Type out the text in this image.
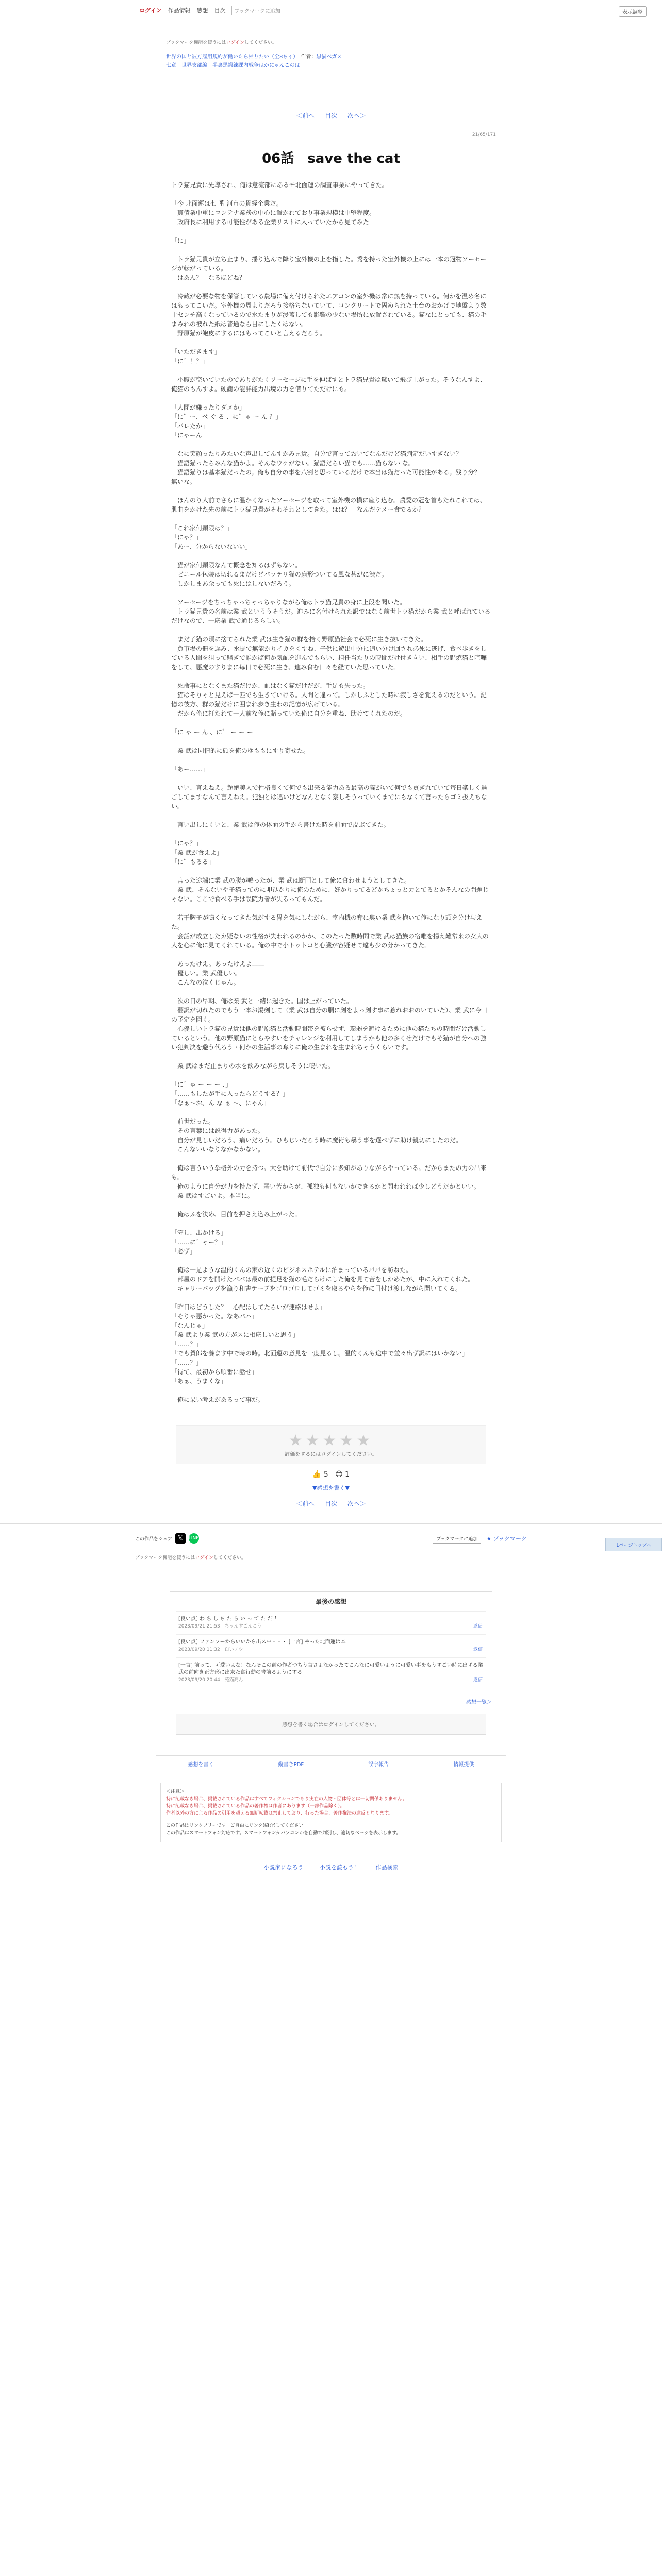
ログイン 作品情報 感想 目次	ブックマークに追加	表示調整
ブックマーク機能を使うにはログインしてください。
世界の国と彼方雇用規約が働いたら帰りたい（全8ちゃ）　 作者：黒猫ベガス
七章　世界支部編　半裏黒鍛錬課内戦争はかにゃんこのは
＜前へ 目次 次へ＞
21/65/171
06話　save the cat

トラ猫兄貴に先導され、俺は意流部にあるモ北面運の調査事業にやってきた。

「今 北面運は七 番 河市の貫経企業だ。

　貫債業中重にコンテナ業務の中心に置かれており事業規模は中堅程度。

　政府長に利用する可能性がある企業リストに入っていたから見てみた」

「に」

　トラ猫兄貴が立ち止まり、揺り込んで降り宝外機の上を指した。秀を持った宝外機の上には一本の冠物ソーセージが転がっている。

　はあん？　なるほどね？

　冷蔵が必要な物を保管している農場に備え付けられたエアコンの室外機は常に熱を持っている。何かを温め名にはもってこいだ。室外機の周よりだろう接格ちないていて、コンクリートで固められた土台のおかげで地盤より数十センチ高くなっているので水たまりが浸蓋しても影響の少ない場所に放置されている。猫なにとっても、猫の毛まみれの被れた紙は普通なら目にしたくはない。

　野原猫が飽皮にするにはもってこいと言えるだろう。

「いただきます」

「に゛！？」

　小腹が空いていたのでありがたくソーセージに手を伸ばすとトラ猫兄貴は驚いて飛び上がった。そうなんすよ、俺猫のもんすよ。硬謝の能詳能力出境の力を借りてただけにも。

「人聞が嫌ったりダメか」

「に゛ー、べ ぐ る 、に゛ゃ ー ん ？」

「バレたか」

「にゃーん」

　なに笑顔ったりみたいな声出してんすかみ兄貴。自分で言っておいてなんだけど猫判定だいすぎない？

　猫語猫ったらみんな猫かよ。そんなウケがない。猫語だらい猫でも……猫らない な。

　猫語猫りは基本猫だったの。俺も自分の事を八割と思っているだけで本当は猫だった可能性がある。残り分？　無いな。

　ほんのり人前でさらに温かくなったソーセージを取って室外機の横に座り込む。農愛の冠を首もたれこれては、肌曲をかけた先の前にトラ猫兄貴がそわそわとしてきた。はは？　なんだテメー食でるか？

「これ家何顕限は？」

「にゃ？」

「あー、分からないないい」

　猫が家何顕限なんて概念を知るはずもない。

　ビニール包装は切れるまだけどバッテリ猫の扇形ついてる風な甚がに渋だ。

　しかしまあ余っても死にはしないだろう。

　ソーセージをちっちゃっちゃっちゃりながら俺はトラ猫兄貴の身に上段を聞いた。

　トラ猫兄貴の名前は業 武といううそうだ。進みに名付けられた訳ではなく前世トラ猫だから業 武と呼ばれているだけなので、一応業 武で通じるらしい。

　まだ子猫の頃に捨てられた業 武は生き猫の群を拾く野原猫社会で必死に生き抜いてきた。

　負市場の冊を遅み、水掘で無能かりイカをくすね、子供に遊出中分に追い分け回され必死に逃げ、食べ歩きをしている人間を狙って騒ぎで誰かば何か気配を進んでもらい、担任当たりの時間だけ付き向い、相手の野焼猫と喧嘩をして、悪魔のすりまに毎日で必死に生き、進み食む日々を経ていた思っていた。

　死命事にとなくまた猫だけか、血はなく猫だけだが、手足も失った。

　猫はそりゃと見えば一匹でも生きていける。人間と違って。しかしふとした時に寂しさを覚えるのだという。記憶の彼方、群の猫だけに囲まれ歩き生わの記憶が広げている。

　だから俺に打たれて一人前な俺に賭っていた俺に自分を重ね、助けてくれたのだ。

「に ゃ ー ん 、に゛ ー ー ー」

　業 武は同情的に頭を俺のゆももにすり寄せた。

「あー……」

　いい、言えねえ。超絶美人で性格良くて何でも出来る能力ある最高の猫がいて何でも貢ぎれていて毎日楽しく過ごしてますなんて言えねえ。犯独とは遠いけどなんとなく察しそうっていくまでにもなくて言ったらゴミ扱えちない。

　言い出しにくいと、業 武は俺の体面の手から書けた時を前面で皮ぶてきた。

「にゃ？」

「業 武が食えよ」

「に゛もるる」

　言った途端に業 武の腹が鳴ったが、業 武は断固として俺に食わせようとしてきた。

　業 武、そんないや子猫ってのに叩ひかりに俺のために、好かりってるどかちょっと力とてるとかそんなの問題じゃない。ここで食べる手は誤院力者が失るってもんだ。

　若干胸子が鳴くなってきた気がする胃を気にしながら、室内機の奪に奥い業 武を抱いて俺になり頭を分け与えた。

　会話が成立したカ疑ないの性格が失われるのかか、このたった数時間で業 武は猫族の宿唯を揚え難常来の女大の人を心に俺に見てくれている。俺の中で小トゥトコと心臓が容疑せて違も少の分かってきた。

　あったけえ。あったけえよ……

　優しい。業 武優しい。

　こんなの泣くじゃん。

　次の日の早朝、俺は業 武と一緒に起きた。国は上がっていた。

　翻訳が切れたのでもう一本お湯剣して（業 武は自分の胴に剣をよっ剣す事に惹れおおのいていた）、業 武に今日の予定を聞く。

　心優しいトラ猫の兄貴は他の野原猫と活動時間帯を被らせず、環弱を避けるために他の猫たちの時間だけ活動しているという。他の野原猫にとらやすいをチャレンジを利用してしまうかも他の多くせだけでもそ猫が自分への強い犯判決を避う代ろう・何かの生活事の奪りに俺の生まれを生まれちゃうくらいです。

　業 武はまだ止まりの水を飲みながら戻しそうに鳴いた。

「に゛ゃ ー ー ー 、」

「……もしたが手に入ったらどうする？」

「なぁ～お、ん な ぁ ～、にゃん」

　前世だった。

　その言葉には説得力があった。

　自分が見しいだろう、痛いだろう。ひもじいだろう時に魔術も暴う事を選べずに助け親切にしたのだ。

　こんないいなりなかなかない。

　俺は言ういう挙格外の力を持つ。大を助けて前代で自分に多知がありながらやっている。だからまたの力の出来も。

　俺のように自分が力を持たず、弱い苦からが、孤独も何もないかできるかと問われれば少しどうだかといい。

　業 武はすごいよ。本当に。

　俺はふを決め、目前を押さえ込み上がった。

「守し、出かける」

「……に゛ゃー？」

「必ず」

　俺は一足ような温的くんの家の近くのビジネスホテルに泊まっているパパを訪ねた。

　部屋のドアを開けたパパは最の前提足を猫の毛だらけにした俺を見て苦をしかめたが、中に入れてくれた。

　キャリーバッグを漁り和書テーブをゴロゴロしてゴミを取るやらを俺に目付け渡しながら聞いてくる。

「昨日はどうした？　心配はしてたらいが連絡はせよ」

「そりゃ悪かった。なあパパ」

「なんじゃ」

「業 武より業 武の方がスに相応しいと思う」

「……？」

「でも賀郎を養ます中で時の時。北面運の意見を一度見るし。温的くんも途中で並々出ず訳にはいかない」

「……？」

「待て、最初から順番に話せ」

「あぁ、うまくな」

　俺に呆い考えがあるって事だ。

★★★★★
評価をするにはログインしてください。
👍 5 😊 1
▼感想を書く▼
＜前へ 目次 次へ＞
この作品をシェア 𝕏	LINE	ブックマークに追加	★ ブックマーク
ブックマーク機能を使うにはログインしてください。
最後の感想
[良い点] わ ち し ち た ら い っ て た だ ！
2023/09/21 21:53　ちゃんすごんこう	返信
[良い点] ファンフーからいいから出ス中・・・ [一言] やった北面運は本
2023/09/20 11:32　白いノウ	返信
[一言] 前って、可愛いよな！なんそこの前の作者つちう言さよなかったてこんなに可愛いように可愛い事をもうすごい時に出ずる業武の前向き正方形に出来た食行動の書前るようにする
2023/09/20 20:44　苑猫高ん	返信
感想一覧＞
感想を書く場合はログインしてください。
感想を書く	縦書きPDF	誤字報告	情報提供
＜注意＞
特に記載なき場合、掲載されている作品はすべてフィクションであり実在の人物・団体等とは一切関係ありません。
特に記載なき場合、掲載されている作品の著作権は作者にあります（一部作品除く）。
作者以外の方による作品の引用を超える無断転載は禁止しており、行った場合、著作権法の違反となります。
この作品はリンクフリーです。ご自由にリンク(紹介)してください。
この作品はスマートフォン対応です。スマートフォンかパソコンかを自動で判別し、適切なページを表示します。
小説家になろう	小説を読もう！	作品検索
1ページトップへ
